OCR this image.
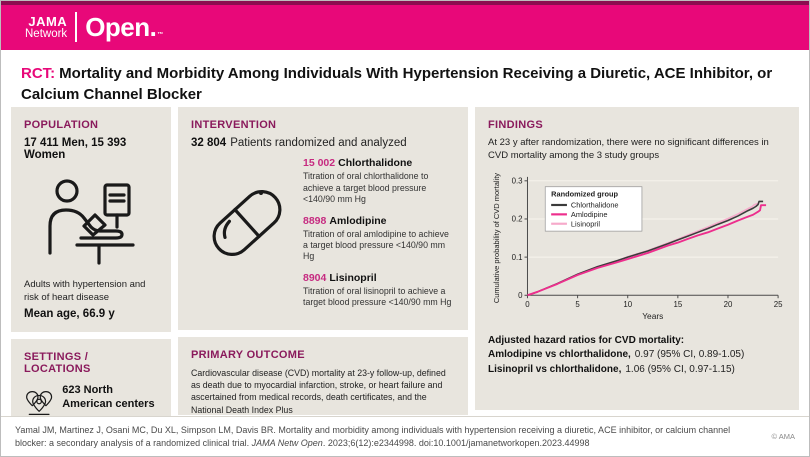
JAMA
Network Open.™
RCT: Mortality and Morbidity Among Individuals With Hypertension Receiving a Diuretic, ACE Inhibitor, or Calcium Channel Blocker
POPULATION
17 411 Men, 15 393 Women
Adults with hypertension and risk of heart disease
Mean age, 66.9 y
SETTINGS / LOCATIONS
623 North American centers
INTERVENTION
32 804 Patients randomized and analyzed
15 002 Chlorthalidone
Titration of oral chlorthalidone to achieve a target blood pressure <140/90 mm Hg
8898 Amlodipine
Titration of oral amlodipine to achieve a target blood pressure <140/90 mm Hg
8904 Lisinopril
Titration of oral lisinopril to achieve a target blood pressure <140/90 mm Hg
PRIMARY OUTCOME
Cardiovascular disease (CVD) mortality at 23-y follow-up, defined as death due to myocardial infarction, stroke, or heart failure and ascertained from medical records, death certificates, and the National Death Index Plus
FINDINGS
At 23 y after randomization, there were no significant differences in CVD mortality among the 3 study groups
0
0.1
0.2
0.3
0	5	10	15	20	25
Years
Cumulative probability of CVD mortality	Randomized group
Chlorthalidone
Amlodipine
Lisinopril
Adjusted hazard ratios for CVD mortality:
Amlodipine vs chlorthalidone, 0.97 (95% CI, 0.89-1.05)
Lisinopril vs chlorthalidone, 1.06 (95% CI, 0.97-1.15)
Yamal JM, Martinez J, Osani MC, Du XL, Simpson LM, Davis BR. Mortality and morbidity among individuals with hypertension receiving a diuretic, ACE inhibitor, or calcium channel blocker: a secondary analysis of a randomized clinical trial. JAMA Netw Open. 2023;6(12):e2344998. doi:10.1001/jamanetworkopen.2023.44998
© AMA
